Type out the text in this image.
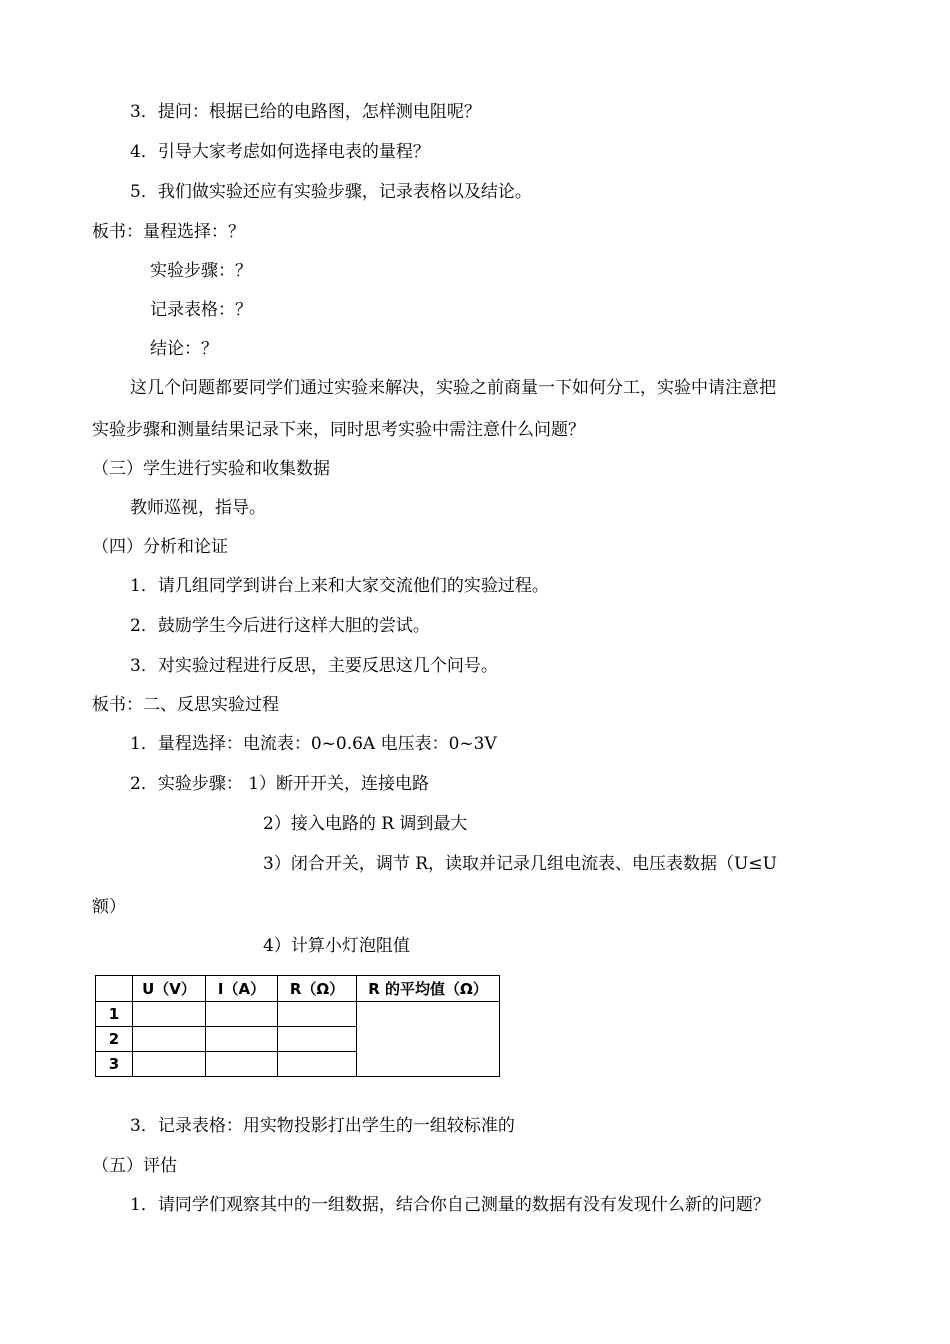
3．提问：根据已给的电路图，怎样测电阻呢？
4．引导大家考虑如何选择电表的量程？
5．我们做实验还应有实验步骤，记录表格以及结论。
板书：量程选择：？
实验步骤：？
记录表格：？
结论：？
这几个问题都要同学们通过实验来解决，实验之前商量一下如何分工，实验中请注意把
实验步骤和测量结果记录下来，同时思考实验中需注意什么问题？
（三）学生进行实验和收集数据
教师巡视，指导。
（四）分析和论证
1．请几组同学到讲台上来和大家交流他们的实验过程。
2．鼓励学生今后进行这样大胆的尝试。
3．对实验过程进行反思，主要反思这几个问号。
板书：二、反思实验过程
1．量程选择：电流表：0~0.6A 电压表：0~3V
2．实验步骤： 1）断开开关，连接电路
2）接入电路的 R 调到最大
3）闭合开关，调节 R，读取并记录几组电流表、电压表数据（U≤U
额）
4）计算小灯泡阻值
	U（V）	I（A）	R（Ω）	R 的平均值（Ω）
1				
2				
3				
3．记录表格：用实物投影打出学生的一组较标准的
（五）评估
1．请同学们观察其中的一组数据，结合你自己测量的数据有没有发现什么新的问题？
